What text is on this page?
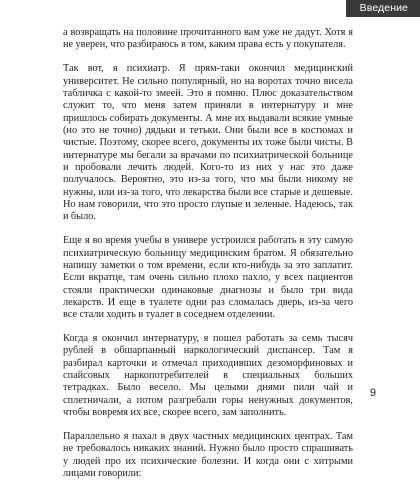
Введение

а возвращать на половине прочитанного вам уже не дадут. Хотя я не уверен, что разбираюсь в том, каким права есть у покупателя.

Так вот, я психиатр. Я прям-таки окончил медицинский университет. Не сильно популярный, но на воротах точно висела табличка с какой-то змеей. Это я помню. Плюс доказательством служит то, что меня затем приняли в интернатуру и мне пришлось собирать документы. А мне их выдавали всякие умные (но это не точно) дядьки и тетьки. Они были все в костюмах и чистые. Поэтому, скорее всего, документы их тоже были чисты. В интернатуре мы бегали за врачами по психиатрической больнице и пробовали лечить людей. Кого-то из них у нас это даже получалось. Вероятно, это из-за того, что мы были никому не нужны, или из-за того, что лекарства были все старые и дешевые. Но нам говорили, что это просто глупые и зеленые. Надеюсь, так и было.

Еще я во время учебы в универе устроился работать в эту самую психиатрическую больницу медицинским братом. Я обязательно напишу заметки о том времени, если кто-нибудь за это заплатит. Если вкратце, там очень сильно плохо пахло, у всех пациентов стояли практически одинаковые диагнозы и было три вида лекарств. И еще в туалете одни раз сломалась дверь, из-за чего все стали ходить в туалет в соседнем отделении.

Когда я окончил интернатуру, я пошел работать за семь тысяч рублей в обшарпанный наркологический диспансер. Там я разбирал карточки и отмечал приходивших дезоморфиновых и спайсовых наркопотребителей в специальных больших тетрадках. Было весело. Мы целыми днями пили чай и сплетничали, а потом разгребали горы ненужных документов, чтобы вовремя их все, скорее всего, зам заполнить.

Параллельно я пахал в двух частных медицинских центрах. Там не требовалось никаких знаний. Нужно было просто спрашивать у людей про их психические болезни. И когда они с хитрыми лицами говорили:

9
